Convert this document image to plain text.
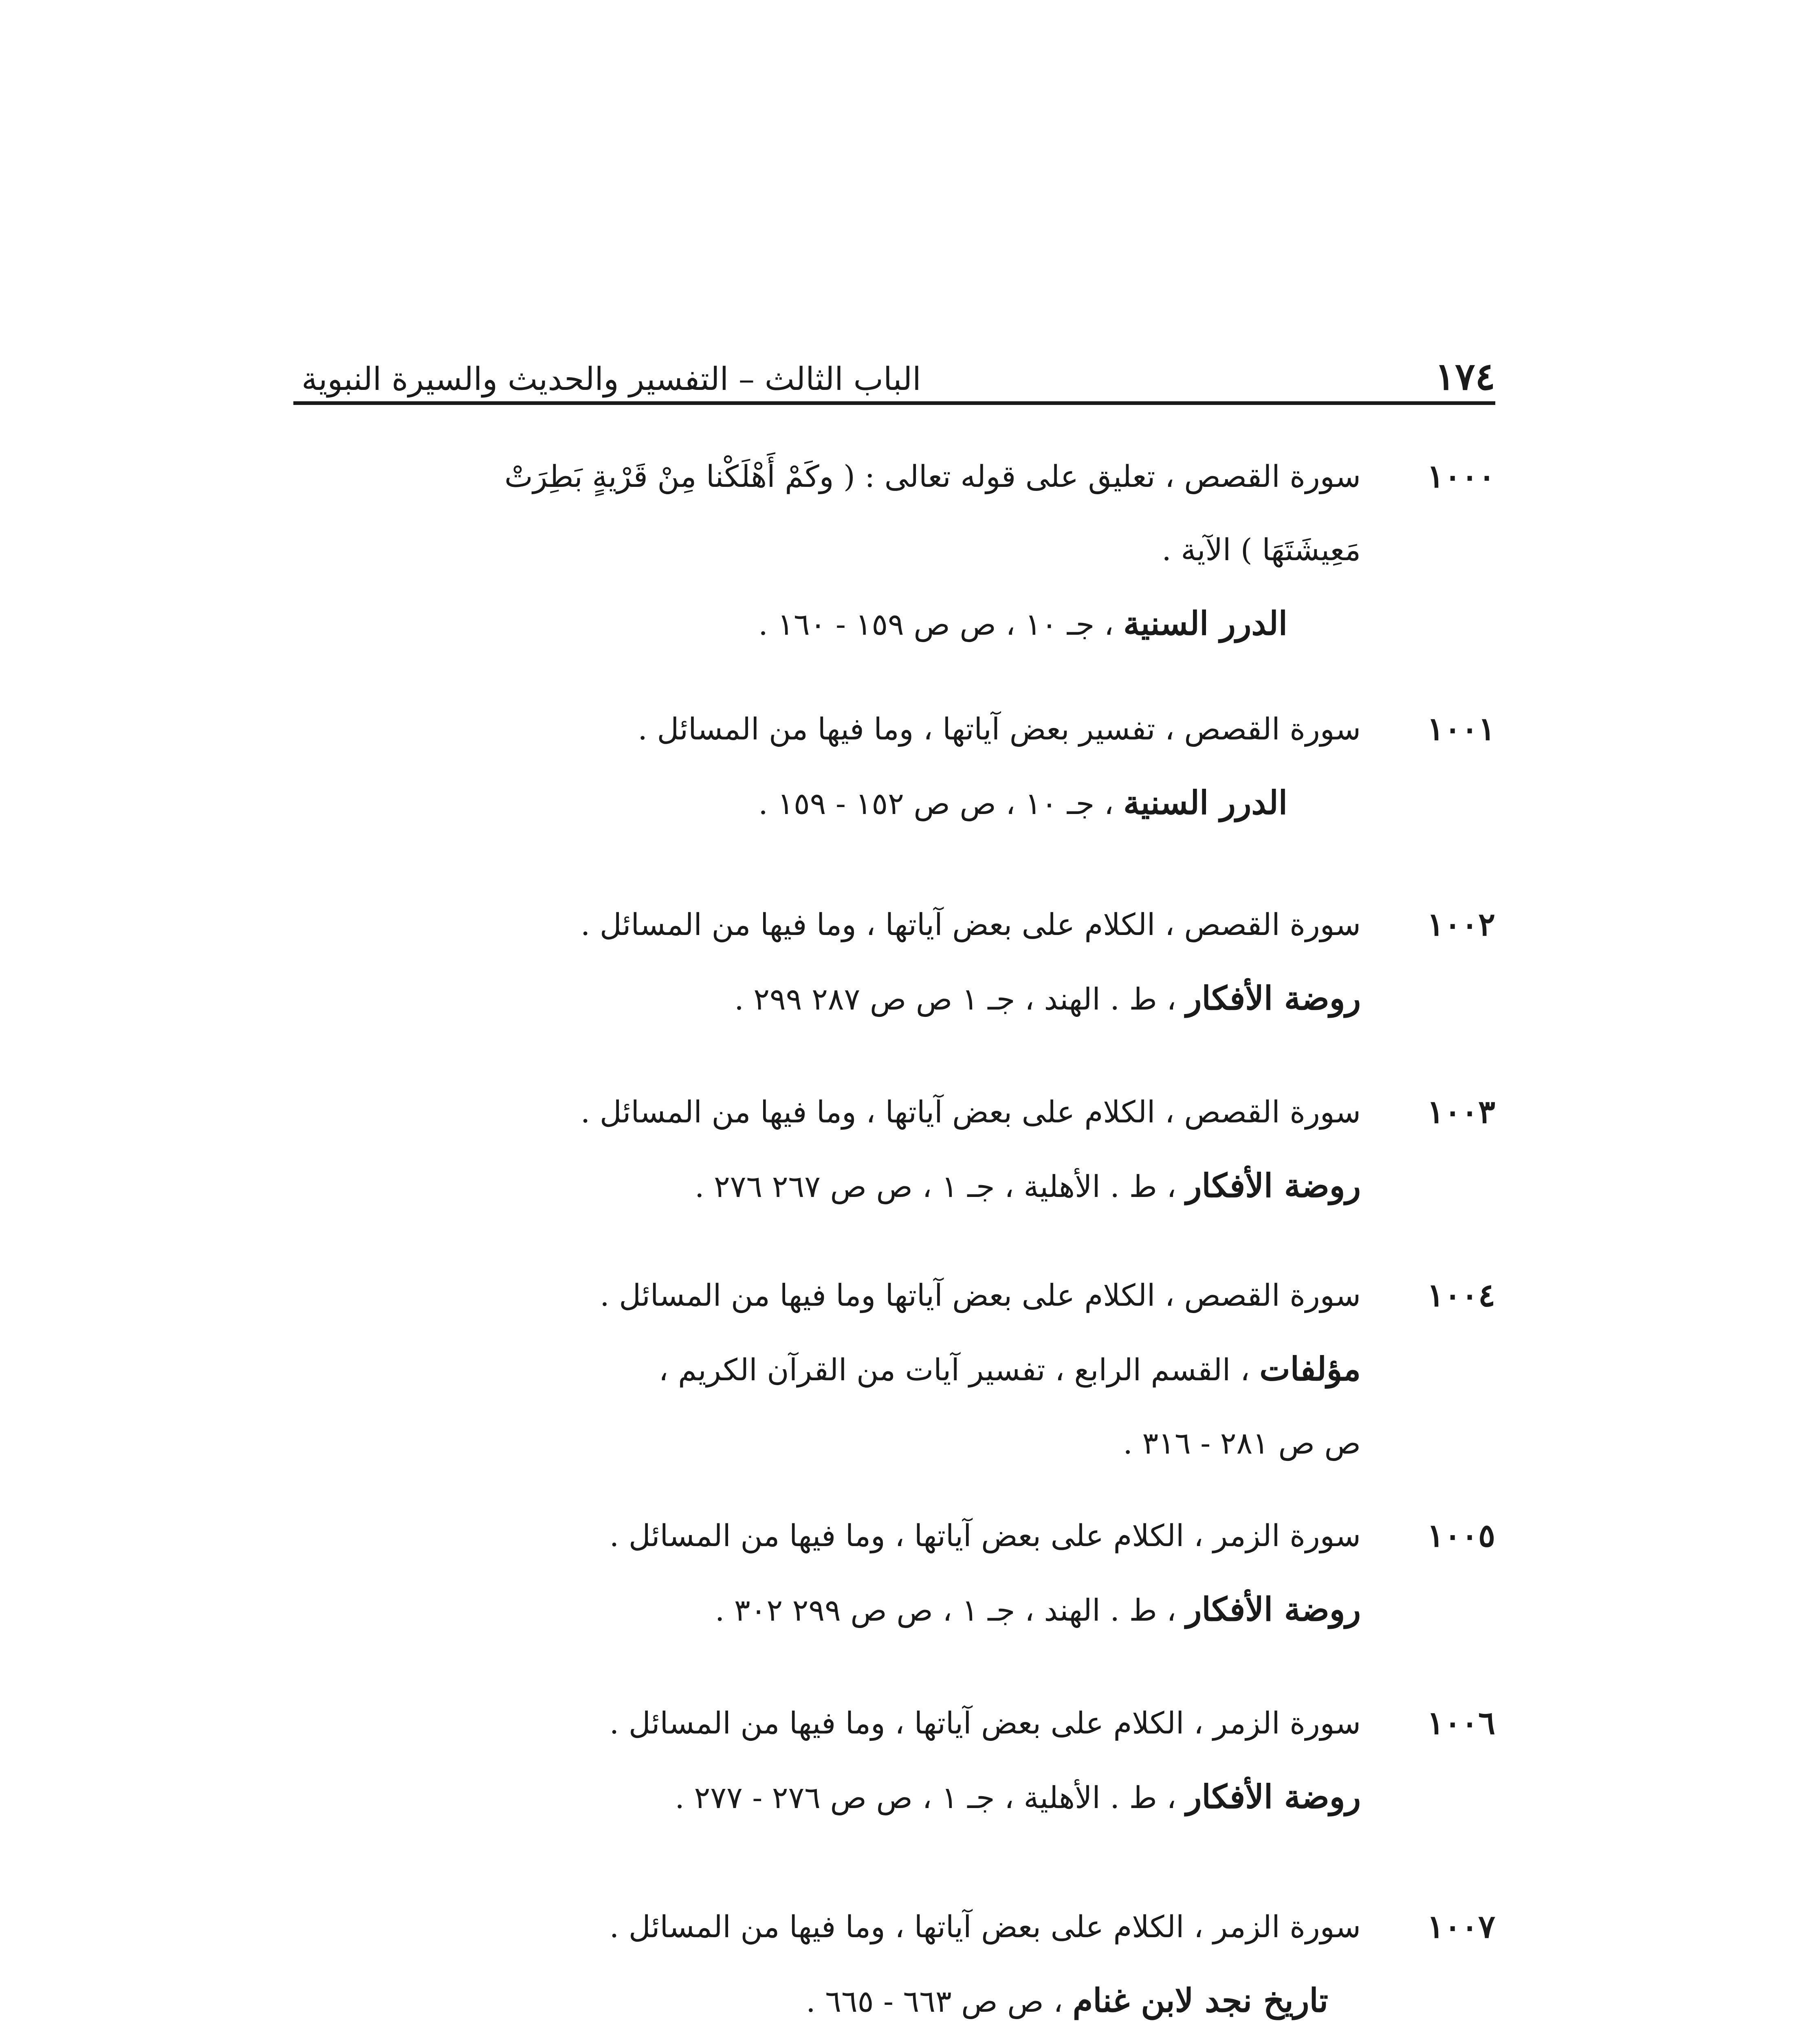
١٧٤
الباب الثالث – التفسير والحديث والسيرة النبوية
١٠٠٠
سورة القصص ، تعليق على قوله تعالى : ( وكَمْ أَهْلَكْنا مِنْ قَرْيةٍ بَطِرَتْ
مَعِيشَتَهَا ) الآية .
الدرر السنية ، جـ ١٠ ، ص ص ١٥٩ - ١٦٠ .
١٠٠١
سورة القصص ، تفسير بعض آياتها ، وما فيها من المسائل .
الدرر السنية ، جـ ١٠ ، ص ص ١٥٢ - ١٥٩ .
١٠٠٢
سورة القصص ، الكلام على بعض آياتها ، وما فيها من المسائل .
روضة الأفكار ، ط . الهند ، جـ ١ ص ص ٢٨٧ ٢٩٩ .
١٠٠٣
سورة القصص ، الكلام على بعض آياتها ، وما فيها من المسائل .
روضة الأفكار ، ط . الأهلية ، جـ ١ ، ص ص ٢٦٧ ٢٧٦ .
١٠٠٤
سورة القصص ، الكلام على بعض آياتها وما فيها من المسائل .
مؤلفات ، القسم الرابع ، تفسير آيات من القرآن الكريم ،
ص ص ٢٨١ - ٣١٦ .
١٠٠٥
سورة الزمر ، الكلام على بعض آياتها ، وما فيها من المسائل .
روضة الأفكار ، ط . الهند ، جـ ١ ، ص ص ٢٩٩ ٣٠٢ .
١٠٠٦
سورة الزمر ، الكلام على بعض آياتها ، وما فيها من المسائل .
روضة الأفكار ، ط . الأهلية ، جـ ١ ، ص ص ٢٧٦ - ٢٧٧ .
١٠٠٧
سورة الزمر ، الكلام على بعض آياتها ، وما فيها من المسائل .
تاريخ نجد لابن غنام ، ص ص ٦٦٣ - ٦٦٥ .
